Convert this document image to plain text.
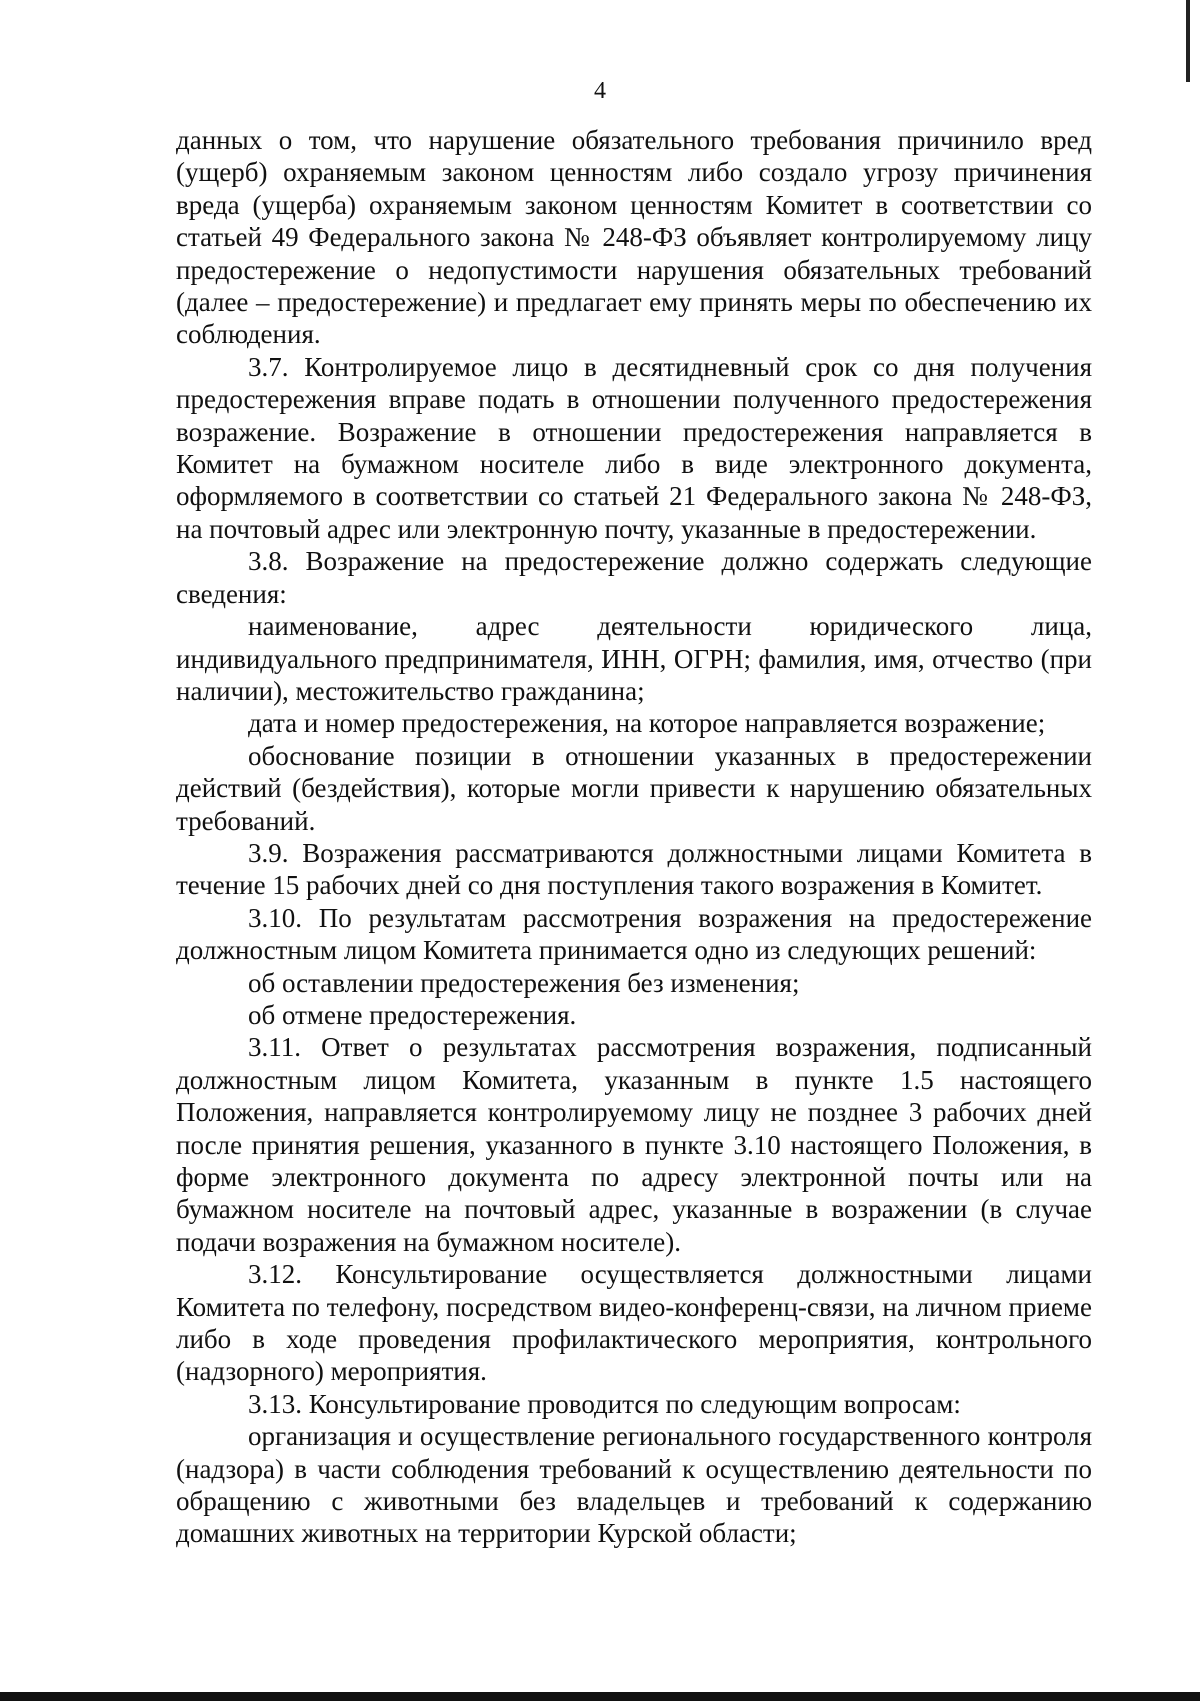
4

данных о том, что нарушение обязательного требования причинило вред (ущерб) охраняемым законом ценностям либо создало угрозу причинения вреда (ущерба) охраняемым законом ценностям Комитет в соответствии со статьей 49 Федерального закона № 248-ФЗ объявляет контролируемому лицу предостережение о недопустимости нарушения обязательных требований (далее – предостережение) и предлагает ему принять меры по обеспечению их соблюдения.

3.7. Контролируемое лицо в десятидневный срок со дня получения предостережения вправе подать в отношении полученного предостережения возражение. Возражение в отношении предостережения направляется в Комитет на бумажном носителе либо в виде электронного документа, оформляемого в соответствии со статьей 21 Федерального закона № 248-ФЗ, на почтовый адрес или электронную почту, указанные в предостережении.

3.8. Возражение на предостережение должно содержать следующие сведения:

наименование, адрес деятельности юридического лица, индивидуального предпринимателя, ИНН, ОГРН; фамилия, имя, отчество (при наличии), местожительство гражданина;

дата и номер предостережения, на которое направляется возражение;

обоснование позиции в отношении указанных в предостережении действий (бездействия), которые могли привести к нарушению обязательных требований.

3.9. Возражения рассматриваются должностными лицами Комитета в течение 15 рабочих дней со дня поступления такого возражения в Комитет.

3.10. По результатам рассмотрения возражения на предостережение должностным лицом Комитета принимается одно из следующих решений:

об оставлении предостережения без изменения;

об отмене предостережения.

3.11. Ответ о результатах рассмотрения возражения, подписанный должностным лицом Комитета, указанным в пункте 1.5 настоящего Положения, направляется контролируемому лицу не позднее 3 рабочих дней после принятия решения, указанного в пункте 3.10 настоящего Положения, в форме электронного документа по адресу электронной почты или на бумажном носителе на почтовый адрес, указанные в возражении (в случае подачи возражения на бумажном носителе).

3.12. Консультирование осуществляется должностными лицами Комитета по телефону, посредством видео-конференц-связи, на личном приеме либо в ходе проведения профилактического мероприятия, контрольного (надзорного) мероприятия.

3.13. Консультирование проводится по следующим вопросам:

организация и осуществление регионального государственного контроля (надзора) в части соблюдения требований к осуществлению деятельности по обращению с животными без владельцев и требований к содержанию домашних животных на территории Курской области;
